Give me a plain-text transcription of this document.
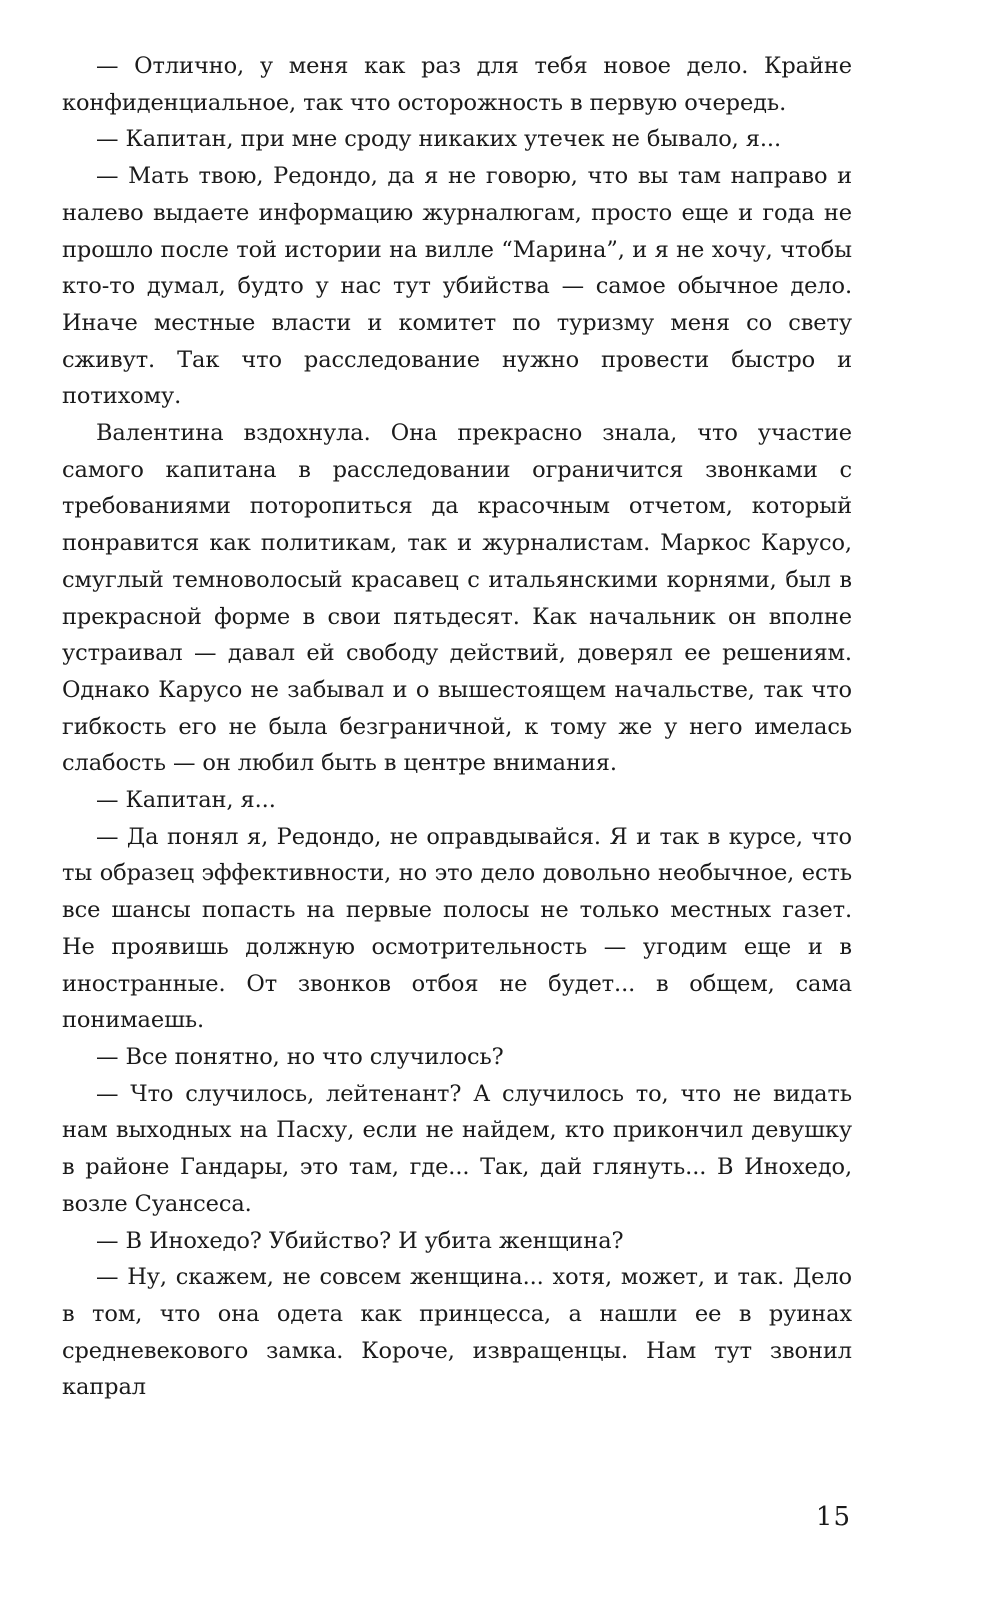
— Отлично, у меня как раз для тебя новое дело. Крайне конфиденциальное, так что осторожность в первую очередь.

— Капитан, при мне сроду никаких утечек не бывало, я...

— Мать твою, Редондо, да я не говорю, что вы там направо и налево выдаете информацию журналюгам, просто еще и года не прошло после той истории на вилле “Марина”, и я не хочу, чтобы кто-то думал, будто у нас тут убийства — самое обычное дело. Иначе местные власти и комитет по туризму меня со свету сживут. Так что расследование нужно провести быстро и потихому.

Валентина вздохнула. Она прекрасно знала, что участие самого капитана в расследовании ограничится звонками с требованиями поторопиться да красочным отчетом, который понравится как политикам, так и журналистам. Маркос Карусо, смуглый темноволосый красавец с итальянскими корнями, был в прекрасной форме в свои пятьдесят. Как начальник он вполне устраивал — давал ей свободу действий, доверял ее решениям. Однако Карусо не забывал и о вышестоящем начальстве, так что гибкость его не была безграничной, к тому же у него имелась слабость — он любил быть в центре внимания.

— Капитан, я...

— Да понял я, Редондо, не оправдывайся. Я и так в курсе, что ты образец эффективности, но это дело довольно необычное, есть все шансы попасть на первые полосы не только местных газет. Не проявишь должную осмотрительность — угодим еще и в иностранные. От звонков отбоя не будет... в общем, сама понимаешь.

— Все понятно, но что случилось?

— Что случилось, лейтенант? А случилось то, что не видать нам выходных на Пасху, если не найдем, кто прикончил девушку в районе Гандары, это там, где... Так, дай глянуть... В Инохедо, возле Суансеса.

— В Инохедо? Убийство? И убита женщина?

— Ну, скажем, не совсем женщина... хотя, может, и так. Дело в том, что она одета как принцесса, а нашли ее в руинах средневекового замка. Короче, извращенцы. Нам тут звонил капрал

15
